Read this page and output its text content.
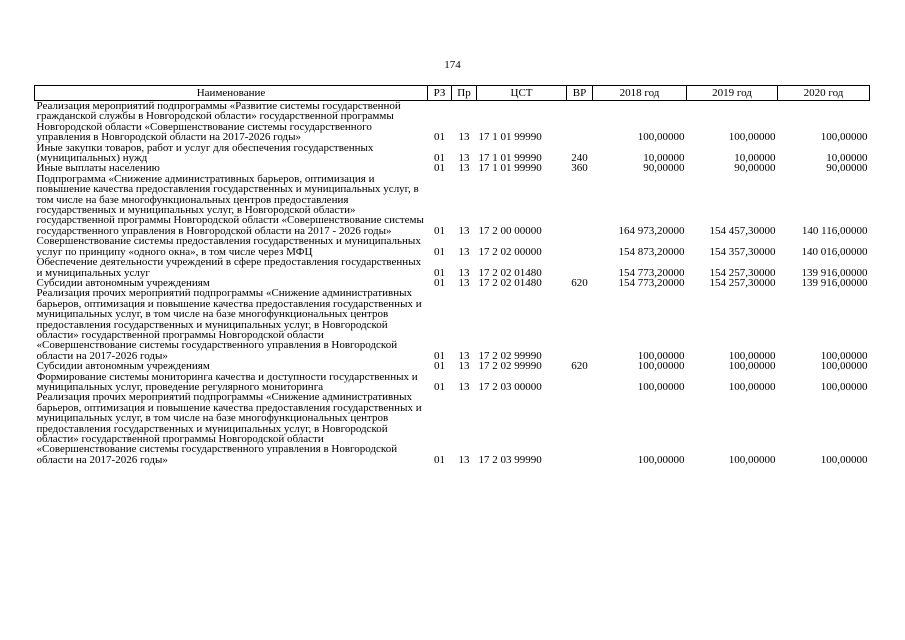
174
Наименование	РЗ	Пр	ЦСТ	ВР	2018 год	2019 год	2020 год
Реализация мероприятий подпрограммы «Развитие системы государственной гражданской службы в Новгородской области» государственной программы Новгородской области «Совершенствование системы государственного управления в Новгородской области на 2017-2026 годы»	01	13	17 1 01 99990		100,00000	100,00000	100,00000
Иные закупки товаров, работ и услуг для обеспечения государственных (муниципальных) нужд	01	13	17 1 01 99990	240	10,00000	10,00000	10,00000
Иные выплаты населению	01	13	17 1 01 99990	360	90,00000	90,00000	90,00000
Подпрограмма «Снижение административных барьеров, оптимизация и повышение качества предоставления государственных и муниципальных услуг, в том числе на базе многофункциональных центров предоставления государственных и муниципальных услуг, в Новгородской области» государственной программы Новгородской области «Совершенствование системы государственного управления в Новгородской области на 2017 - 2026 годы»	01	13	17 2 00 00000		164 973,20000	154 457,30000	140 116,00000
Совершенствование системы предоставления государственных и муниципальных услуг по принципу «одного окна», в том числе через МФЦ	01	13	17 2 02 00000		154 873,20000	154 357,30000	140 016,00000
Обеспечение деятельности учреждений в сфере предоставления государственных и муниципальных услуг	01	13	17 2 02 01480		154 773,20000	154 257,30000	139 916,00000
Субсидии автономным учреждениям	01	13	17 2 02 01480	620	154 773,20000	154 257,30000	139 916,00000
Реализация прочих мероприятий подпрограммы «Снижение административных барьеров, оптимизация и повышение качества предоставления государственных и муниципальных услуг, в том числе на базе многофункциональных центров предоставления государственных и муниципальных услуг, в Новгородской области» государственной программы Новгородской области «Совершенствование системы государственного управления в Новгородской области на 2017-2026 годы»	01	13	17 2 02 99990		100,00000	100,00000	100,00000
Субсидии автономным учреждениям	01	13	17 2 02 99990	620	100,00000	100,00000	100,00000
Формирование системы мониторинга качества и доступности государственных и муниципальных услуг, проведение регулярного мониторинга	01	13	17 2 03 00000		100,00000	100,00000	100,00000
Реализация прочих мероприятий подпрограммы «Снижение административных барьеров, оптимизация и повышение качества предоставления государственных и муниципальных услуг, в том числе на базе многофункциональных центров предоставления государственных и муниципальных услуг, в Новгородской области» государственной программы Новгородской области «Совершенствование системы государственного управления в Новгородской области на 2017-2026 годы»	01	13	17 2 03 99990		100,00000	100,00000	100,00000
